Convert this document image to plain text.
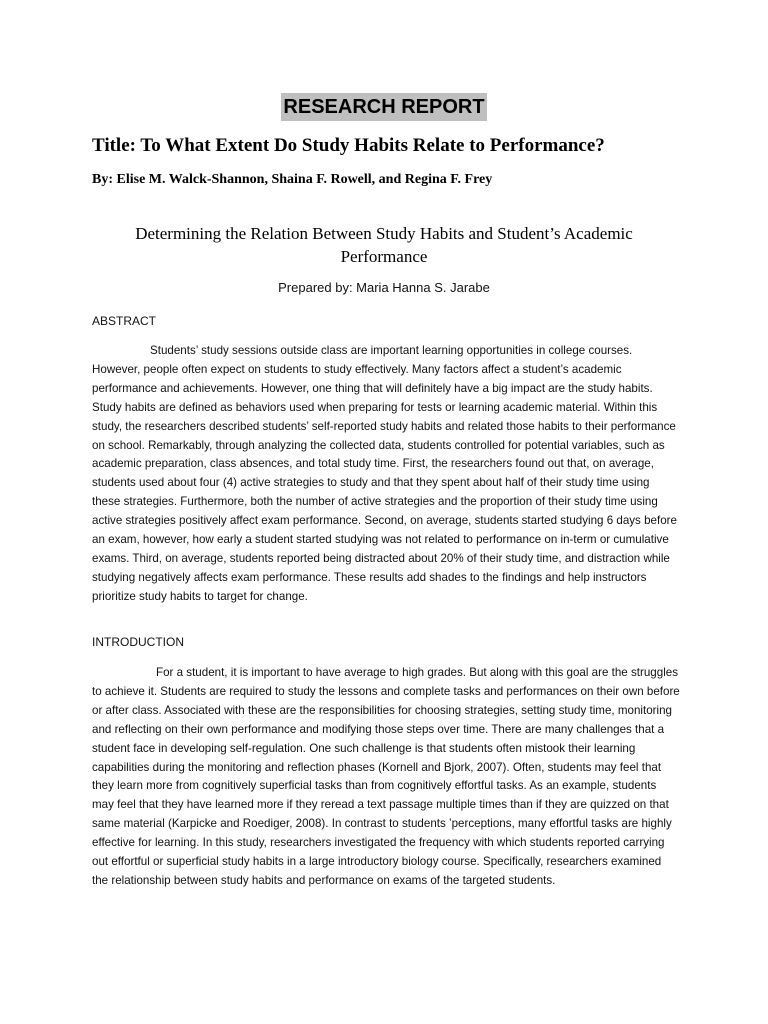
RESEARCH REPORT
Title: To What Extent Do Study Habits Relate to Performance?
By: Elise M. Walck-Shannon, Shaina F. Rowell, and Regina F. Frey
Determining the Relation Between Study Habits and Student’s Academic Performance
Prepared by: Maria Hanna S. Jarabe
ABSTRACT

Students’ study sessions outside class are important learning opportunities in college courses. However, people often expect on students to study effectively. Many factors affect a student’s academic performance and achievements. However, one thing that will definitely have a big impact are the study habits. Study habits are defined as behaviors used when preparing for tests or learning academic material. Within this study, the researchers described students’ self-reported study habits and related those habits to their performance on school. Remarkably, through analyzing the collected data, students controlled for potential variables, such as academic preparation, class absences, and total study time. First, the researchers found out that, on average, students used about four (4) active strategies to study and that they spent about half of their study time using these strategies. Furthermore, both the number of active strategies and the proportion of their study time using active strategies positively affect exam performance. Second, on average, students started studying 6 days before an exam, however, how early a student started studying was not related to performance on in-term or cumulative exams. Third, on average, students reported being distracted about 20% of their study time, and distraction while studying negatively affects exam performance. These results add shades to the findings and help instructors prioritize study habits to target for change.

INTRODUCTION

For a student, it is important to have average to high grades. But along with this goal are the struggles to achieve it. Students are required to study the lessons and complete tasks and performances on their own before or after class. Associated with these are the responsibilities for choosing strategies, setting study time, monitoring and reflecting on their own performance and modifying those steps over time. There are many challenges that a student face in developing self-regulation. One such challenge is that students often mistook their learning capabilities during the monitoring and reflection phases (Kornell and Bjork, 2007). Often, students may feel that they learn more from cognitively superficial tasks than from cognitively effortful tasks. As an example, students may feel that they have learned more if they reread a text passage multiple times than if they are quizzed on that same material (Karpicke and Roediger, 2008). In contrast to students ’perceptions, many effortful tasks are highly effective for learning. In this study, researchers investigated the frequency with which students reported carrying out effortful or superficial study habits in a large introductory biology course. Specifically, researchers examined the relationship between study habits and performance on exams of the targeted students.
